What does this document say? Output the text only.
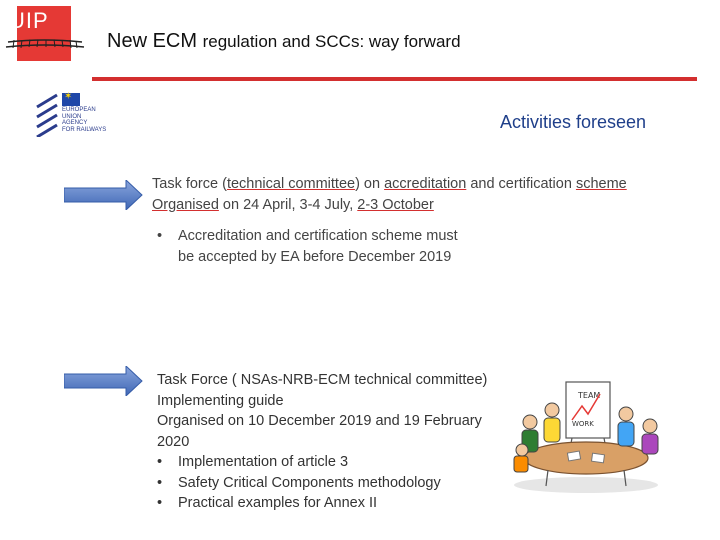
UIP
New ECM regulation and SCCs: way forward
✶
EUROPEAN
UNION
AGENCY
FOR RAILWAYS	Activities foreseen
Task force (technical committee) on accreditation and certification scheme
Organised on 24 April, 3-4 July, 2-3 October
• Accreditation and certification scheme must
be accepted by EA before December 2019
Task Force ( NSAs-NRB-ECM technical committee)
Implementing guide
Organised on 10 December 2019 and 19 February
2020
• Implementation of article 3
• Safety Critical Components methodology
• Practical examples for Annex II
TEAM
WORK
